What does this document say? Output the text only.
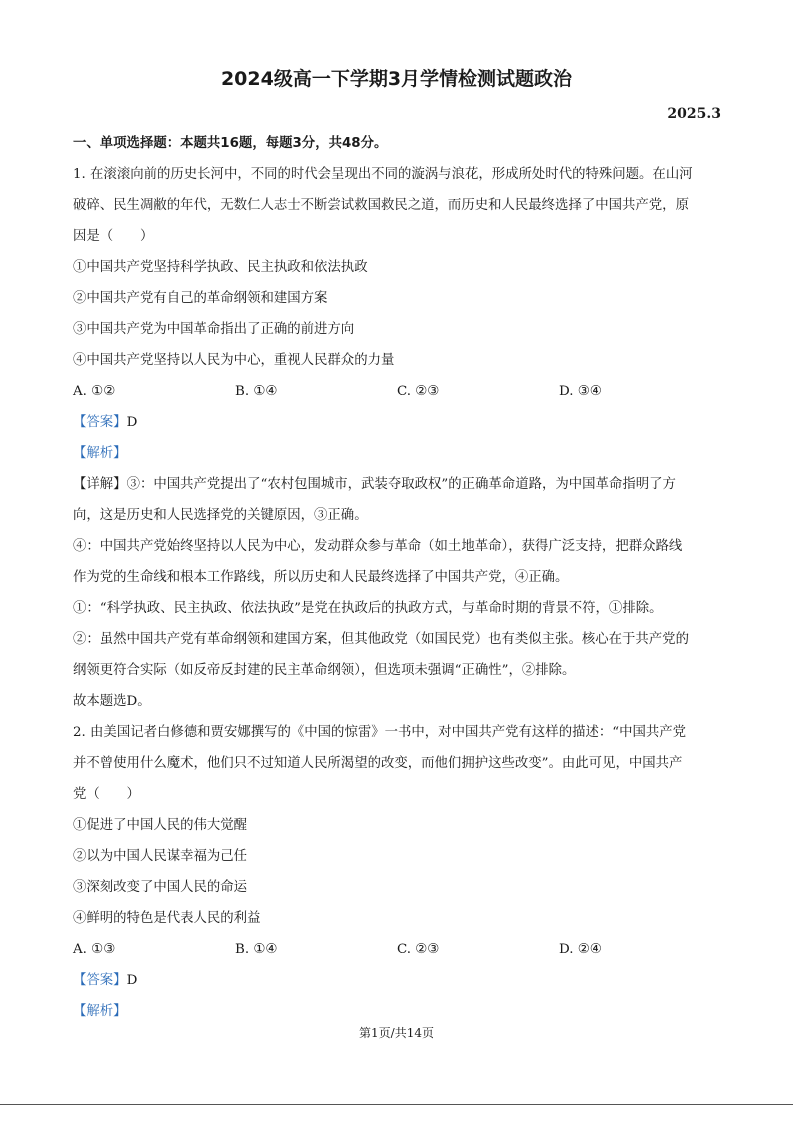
2024级高一下学期3月学情检测试题政治
2025.3
一、单项选择题：本题共16题，每题3分，共48分。
1. 在滚滚向前的历史长河中，不同的时代会呈现出不同的漩涡与浪花，形成所处时代的特殊问题。在山河
破碎、民生凋敝的年代，无数仁人志士不断尝试救国救民之道，而历史和人民最终选择了中国共产党，原
因是（　　）
①中国共产党坚持科学执政、民主执政和依法执政
②中国共产党有自己的革命纲领和建国方案
③中国共产党为中国革命指出了正确的前进方向
④中国共产党坚持以人民为中心，重视人民群众的力量
A. ①②	B. ①④	C. ②③	D. ③④
【答案】D
【解析】
【详解】③：中国共产党提出了“农村包围城市，武装夺取政权”的正确革命道路，为中国革命指明了方
向，这是历史和人民选择党的关键原因，③正确。
④：中国共产党始终坚持以人民为中心，发动群众参与革命（如土地革命），获得广泛支持，把群众路线
作为党的生命线和根本工作路线，所以历史和人民最终选择了中国共产党，④正确。
①：“科学执政、民主执政、依法执政”是党在执政后的执政方式，与革命时期的背景不符，①排除。
②：虽然中国共产党有革命纲领和建国方案，但其他政党（如国民党）也有类似主张。核心在于共产党的
纲领更符合实际（如反帝反封建的民主革命纲领），但选项未强调“正确性”，②排除。
故本题选D。
2. 由美国记者白修德和贾安娜撰写的《中国的惊雷》一书中，对中国共产党有这样的描述：“中国共产党
并不曾使用什么魔术，他们只不过知道人民所渴望的改变，而他们拥护这些改变”。由此可见，中国共产
党（　　）
①促进了中国人民的伟大觉醒
②以为中国人民谋幸福为己任
③深刻改变了中国人民的命运
④鲜明的特色是代表人民的利益
A. ①③	B. ①④	C. ②③	D. ②④
【答案】D
【解析】
第1页/共14页
